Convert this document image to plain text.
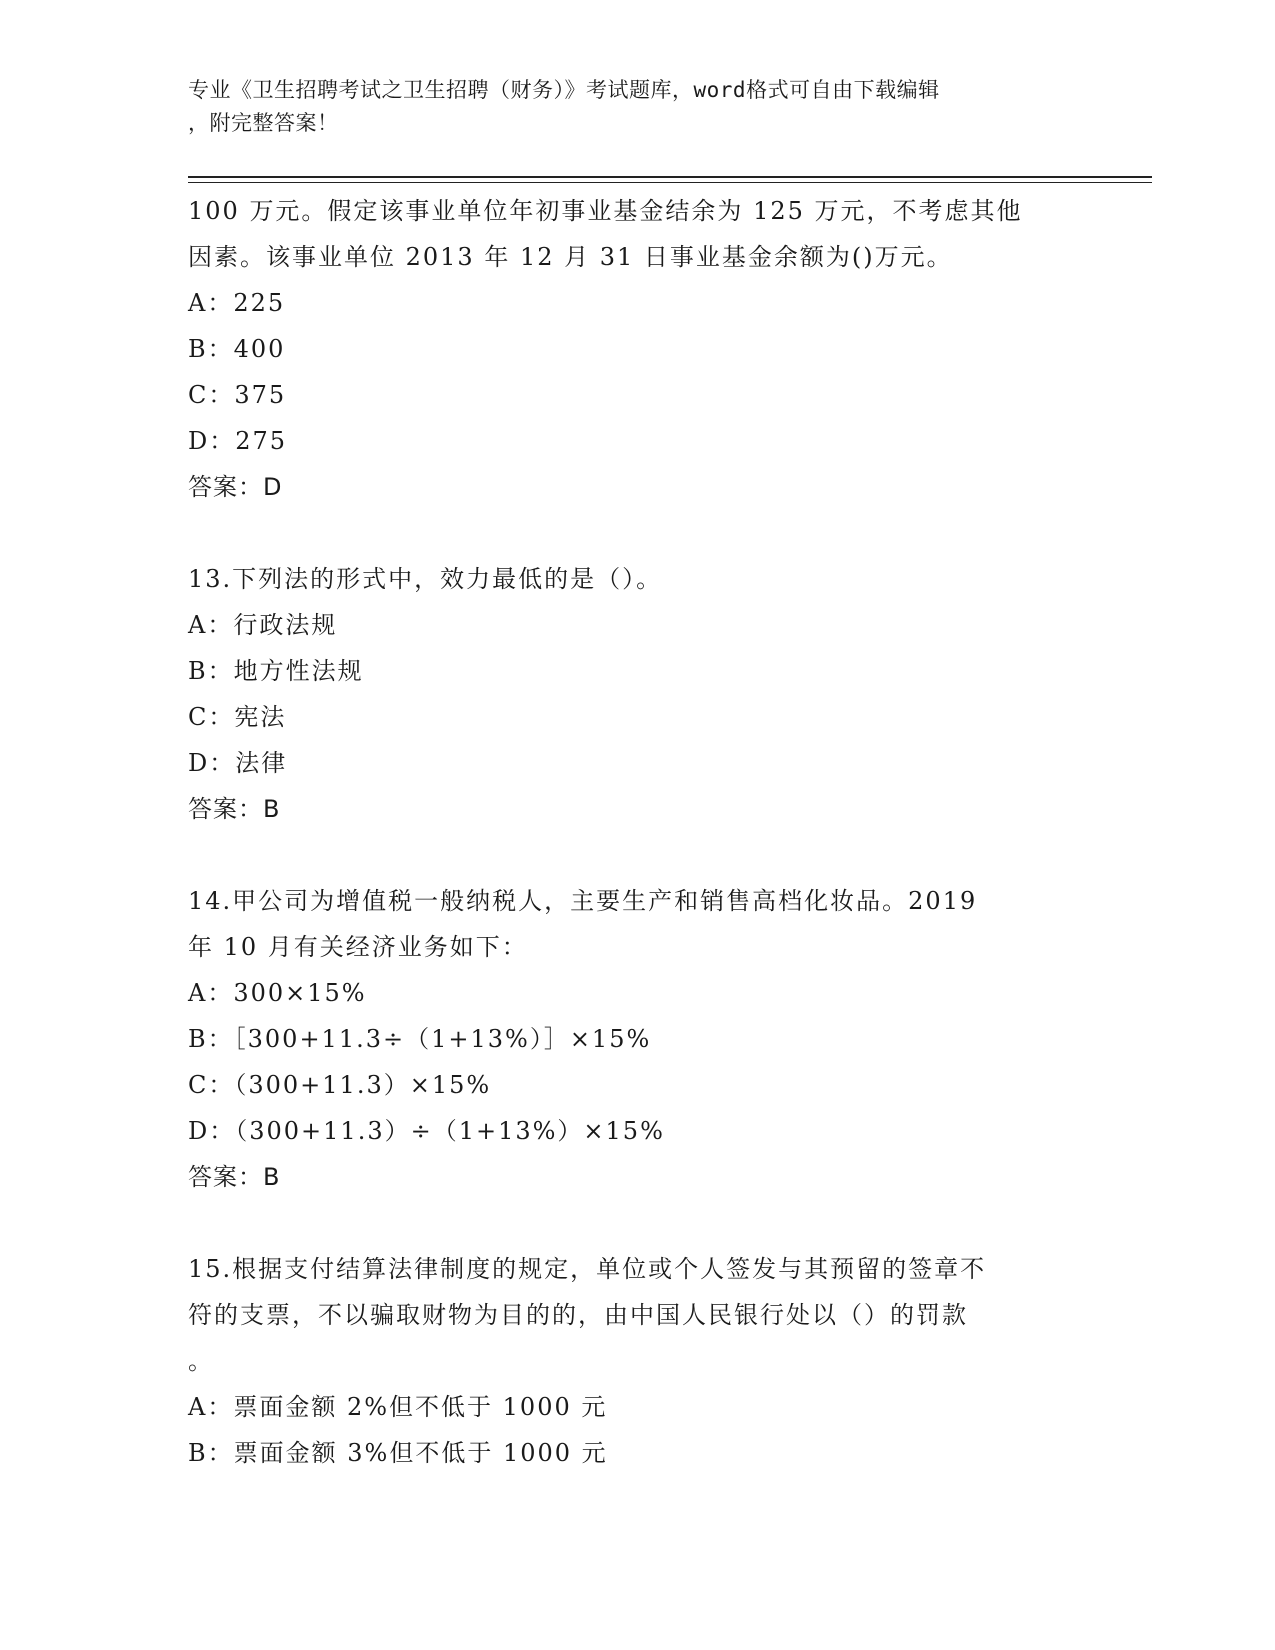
专业《卫生招聘考试之卫生招聘（财务）》考试题库，word格式可自由下载编辑
，附完整答案！
100 万元。假定该事业单位年初事业基金结余为 125 万元，不考虑其他
因素。该事业单位 2013 年 12 月 31 日事业基金余额为()万元。
A：225
B：400
C：375
D：275
答案：D
13.下列法的形式中，效力最低的是（）。
A：行政法规
B：地方性法规
C：宪法
D：法律
答案：B
14.甲公司为增值税一般纳税人，主要生产和销售高档化妆品。2019
年 10 月有关经济业务如下：
A：300×15%
B：［300+11.3÷（1+13%）］×15%
C：（300+11.3）×15%
D：（300+11.3）÷（1+13%）×15%
答案：B
15.根据支付结算法律制度的规定，单位或个人签发与其预留的签章不
符的支票，不以骗取财物为目的的，由中国人民银行处以（）的罚款
。
A：票面金额 2%但不低于 1000 元
B：票面金额 3%但不低于 1000 元
